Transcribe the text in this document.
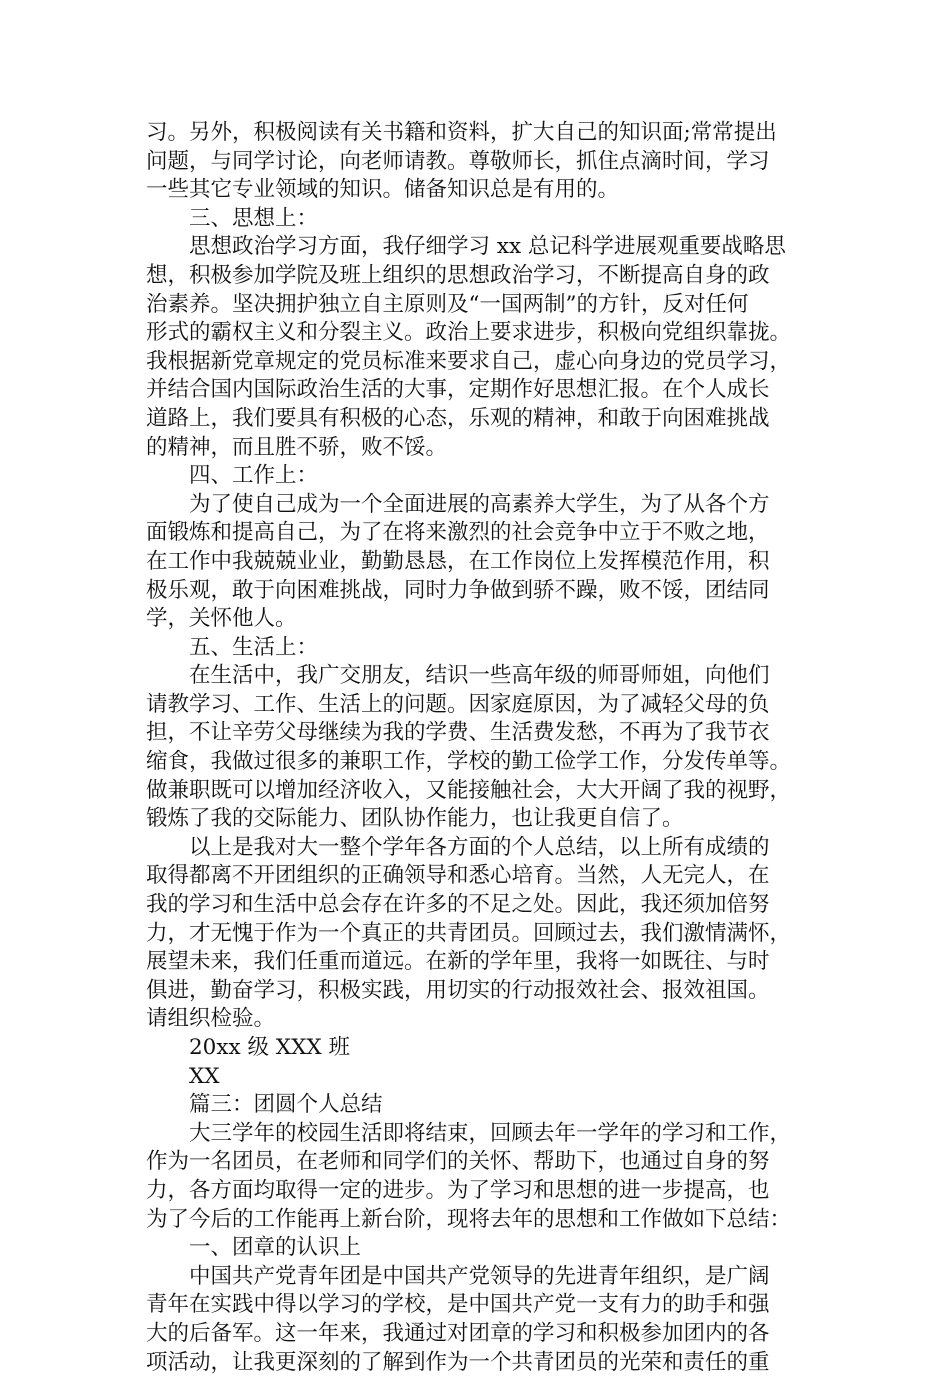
习。另外，积极阅读有关书籍和资料，扩大自己的知识面;常常提出
问题，与同学讨论，向老师请教。尊敬师长，抓住点滴时间，学习
一些其它专业领域的知识。储备知识总是有用的。
三、思想上：
思想政治学习方面，我仔细学习 xx 总记科学进展观重要战略思
想，积极参加学院及班上组织的思想政治学习，不断提高自身的政
治素养。坚决拥护独立自主原则及“一国两制”的方针，反对任何
形式的霸权主义和分裂主义。政治上要求进步，积极向党组织靠拢。
我根据新党章规定的党员标准来要求自己，虚心向身边的党员学习，
并结合国内国际政治生活的大事，定期作好思想汇报。在个人成长
道路上，我们要具有积极的心态，乐观的精神，和敢于向困难挑战
的精神，而且胜不骄，败不馁。
四、工作上：
为了使自己成为一个全面进展的高素养大学生，为了从各个方
面锻炼和提高自己，为了在将来激烈的社会竞争中立于不败之地，
在工作中我兢兢业业，勤勤恳恳，在工作岗位上发挥模范作用，积
极乐观，敢于向困难挑战，同时力争做到骄不躁，败不馁，团结同
学，关怀他人。
五、生活上：
在生活中，我广交朋友，结识一些高年级的师哥师姐，向他们
请教学习、工作、生活上的问题。因家庭原因，为了减轻父母的负
担，不让辛劳父母继续为我的学费、生活费发愁，不再为了我节衣
缩食，我做过很多的兼职工作，学校的勤工俭学工作，分发传单等。
做兼职既可以增加经济收入，又能接触社会，大大开阔了我的视野，
锻炼了我的交际能力、团队协作能力，也让我更自信了。
以上是我对大一整个学年各方面的个人总结，以上所有成绩的
取得都离不开团组织的正确领导和悉心培育。当然，人无完人，在
我的学习和生活中总会存在许多的不足之处。因此，我还须加倍努
力，才无愧于作为一个真正的共青团员。回顾过去，我们激情满怀，
展望未来，我们任重而道远。在新的学年里，我将一如既往、与时
俱进，勤奋学习，积极实践，用切实的行动报效社会、报效祖国。
请组织检验。
20xx 级 XXX 班
XX
篇三：团圆个人总结
大三学年的校园生活即将结束，回顾去年一学年的学习和工作，
作为一名团员，在老师和同学们的关怀、帮助下，也通过自身的努
力，各方面均取得一定的进步。为了学习和思想的进一步提高，也
为了今后的工作能再上新台阶，现将去年的思想和工作做如下总结：
一、团章的认识上
中国共产党青年团是中国共产党领导的先进青年组织，是广阔
青年在实践中得以学习的学校，是中国共产党一支有力的助手和强
大的后备军。这一年来，我通过对团章的学习和积极参加团内的各
项活动，让我更深刻的了解到作为一个共青团员的光荣和责任的重
